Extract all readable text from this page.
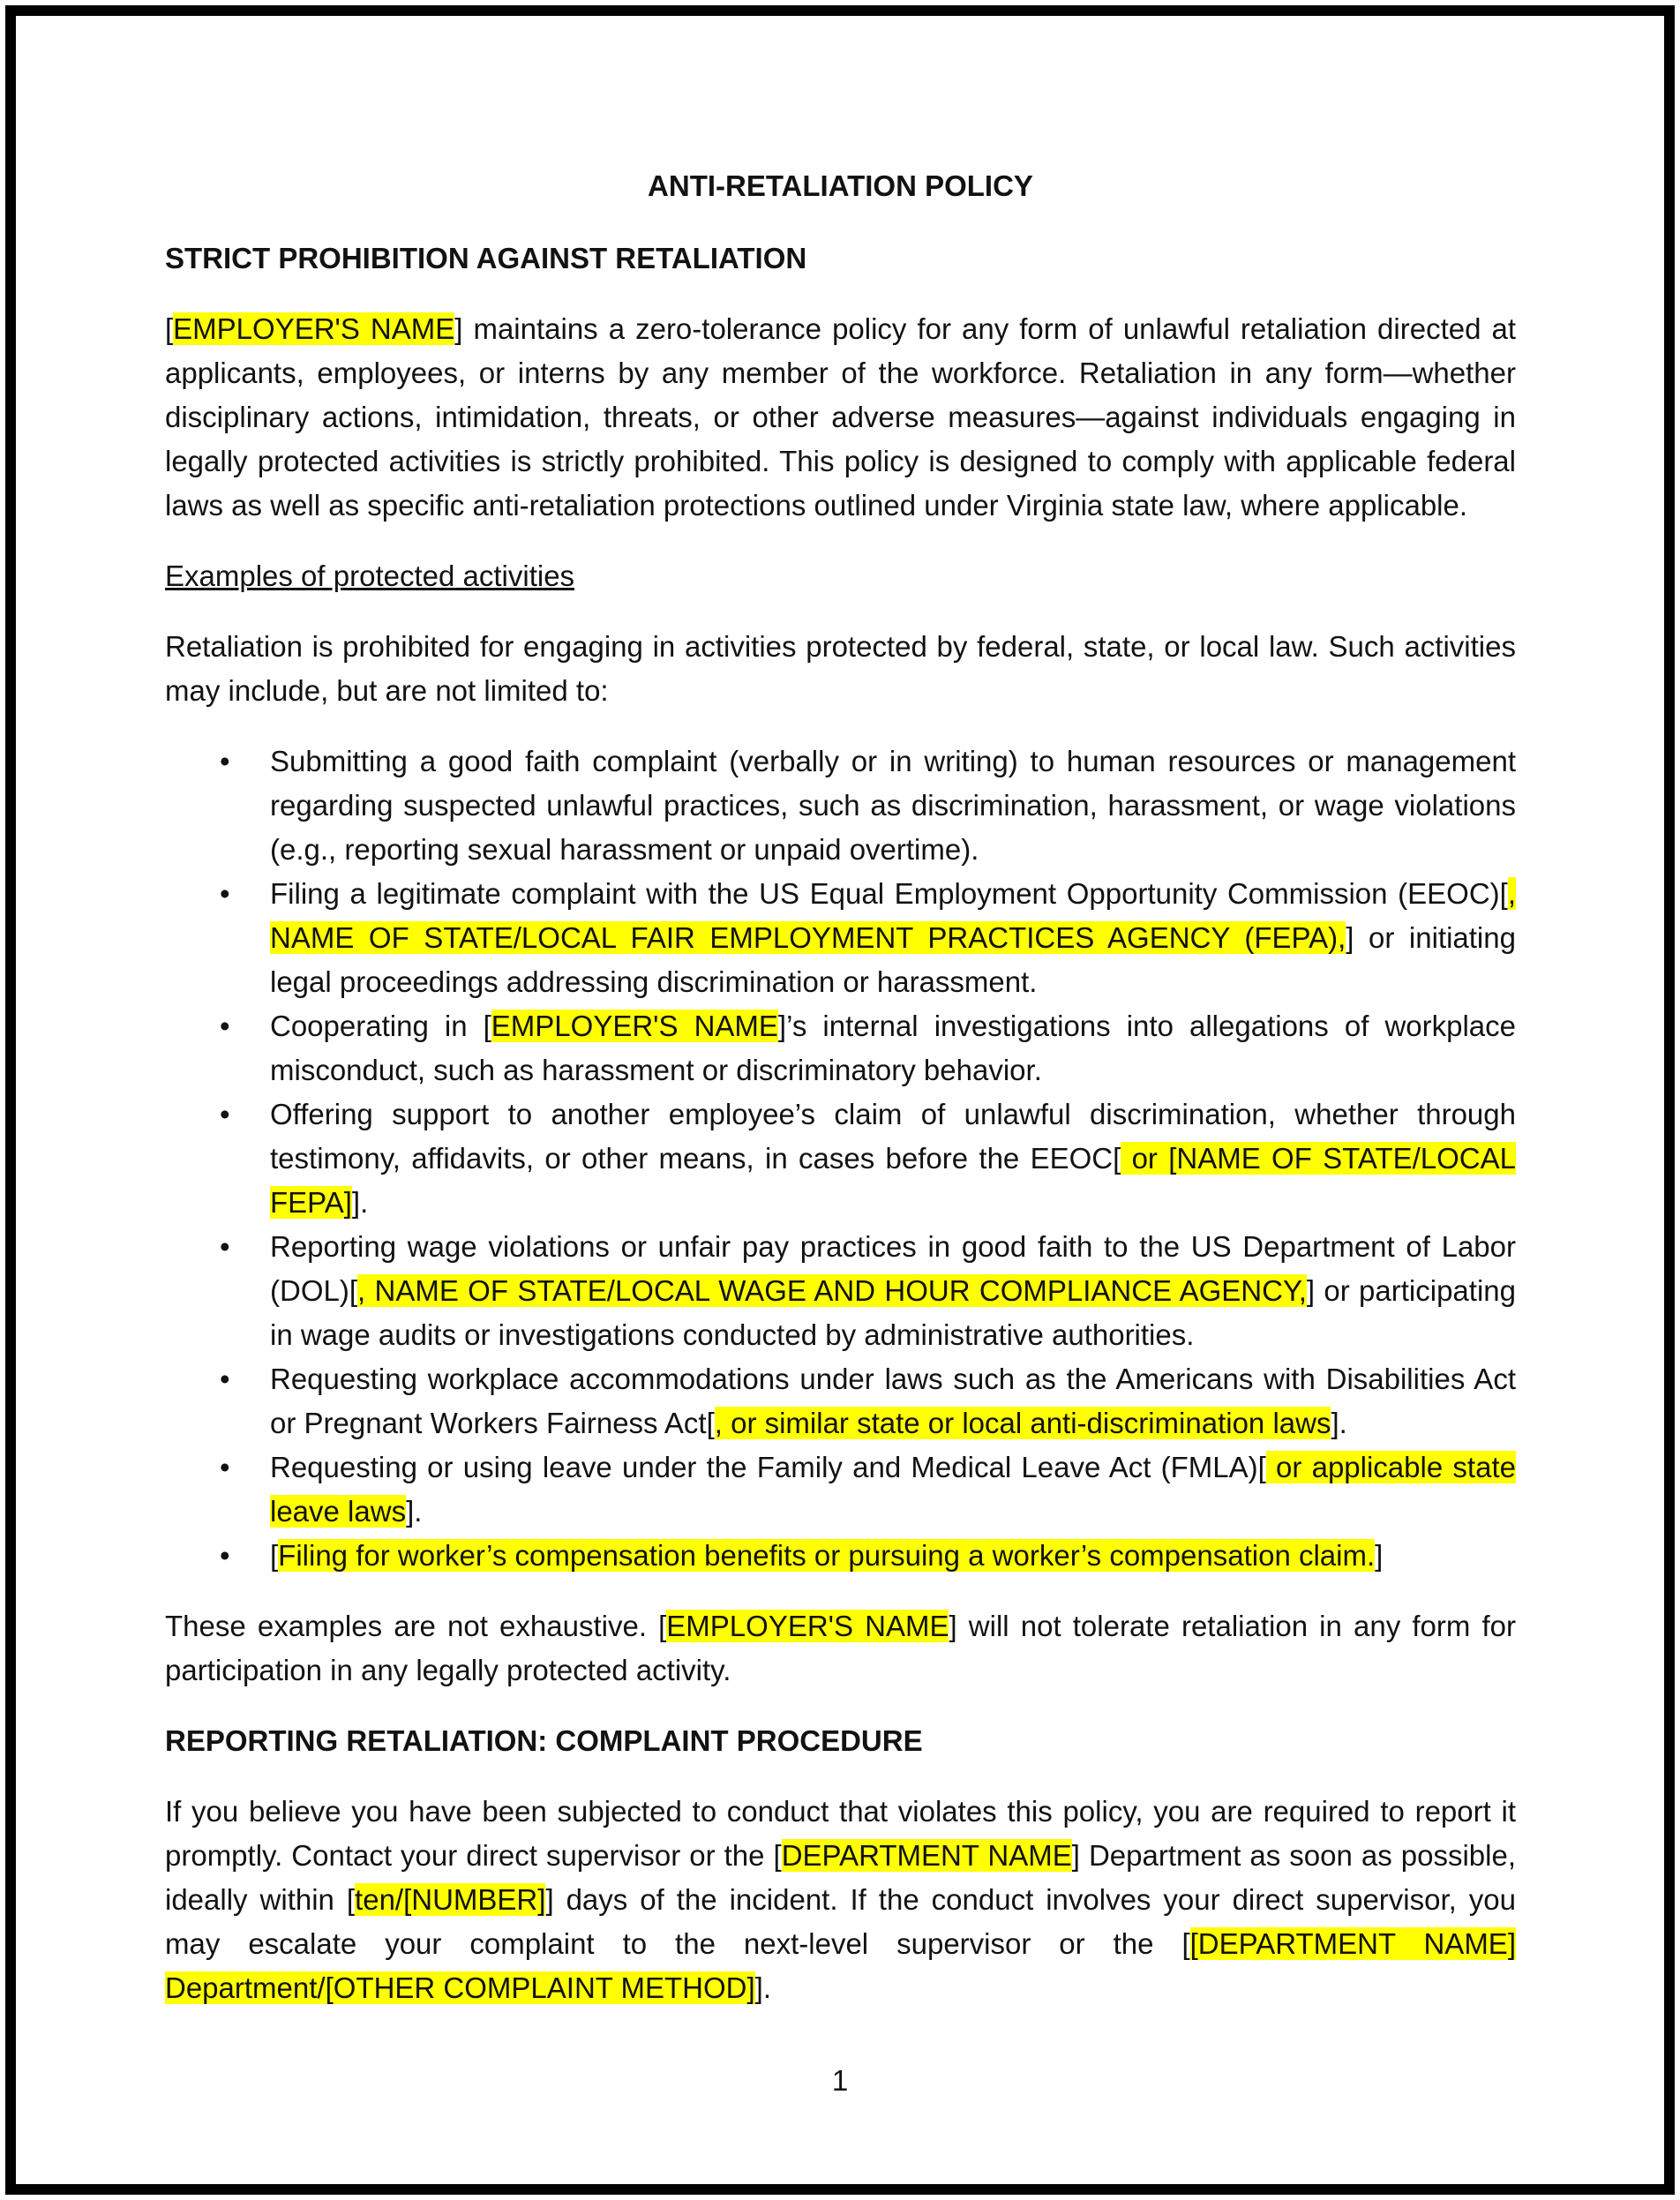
ANTI-RETALIATION POLICY
STRICT PROHIBITION AGAINST RETALIATION

[EMPLOYER'S NAME] maintains a zero-tolerance policy for any form of unlawful retaliation directed at applicants, employees, or interns by any member of the workforce. Retaliation in any form—whether disciplinary actions, intimidation, threats, or other adverse measures—against individuals engaging in legally protected activities is strictly prohibited. This policy is designed to comply with applicable federal laws as well as specific anti-retaliation protections outlined under Virginia state law, where applicable.

Examples of protected activities

Retaliation is prohibited for engaging in activities protected by federal, state, or local law. Such activities may include, but are not limited to:

• Submitting a good faith complaint (verbally or in writing) to human resources or management regarding suspected unlawful practices, such as discrimination, harassment, or wage violations (e.g., reporting sexual harassment or unpaid overtime).
• Filing a legitimate complaint with the US Equal Employment Opportunity Commission (EEOC)[, NAME OF STATE/LOCAL FAIR EMPLOYMENT PRACTICES AGENCY (FEPA),] or initiating legal proceedings addressing discrimination or harassment.
• Cooperating in [EMPLOYER'S NAME]’s internal investigations into allegations of workplace misconduct, such as harassment or discriminatory behavior.
• Offering support to another employee’s claim of unlawful discrimination, whether through testimony, affidavits, or other means, in cases before the EEOC[ or [NAME OF STATE/LOCAL FEPA]].
• Reporting wage violations or unfair pay practices in good faith to the US Department of Labor (DOL)[, NAME OF STATE/LOCAL WAGE AND HOUR COMPLIANCE AGENCY,] or participating in wage audits or investigations conducted by administrative authorities.
• Requesting workplace accommodations under laws such as the Americans with Disabilities Act or Pregnant Workers Fairness Act[, or similar state or local anti-discrimination laws].
• Requesting or using leave under the Family and Medical Leave Act (FMLA)[ or applicable state leave laws].
• [Filing for worker’s compensation benefits or pursuing a worker’s compensation claim.]

These examples are not exhaustive. [EMPLOYER'S NAME] will not tolerate retaliation in any form for participation in any legally protected activity.

REPORTING RETALIATION: COMPLAINT PROCEDURE

If you believe you have been subjected to conduct that violates this policy, you are required to report it promptly. Contact your direct supervisor or the [DEPARTMENT NAME] Department as soon as possible, ideally within [ten/[NUMBER]] days of the incident. If the conduct involves your direct supervisor, you may escalate your complaint to the next-level supervisor or the [[DEPARTMENT NAME] Department/[OTHER COMPLAINT METHOD]].

1
